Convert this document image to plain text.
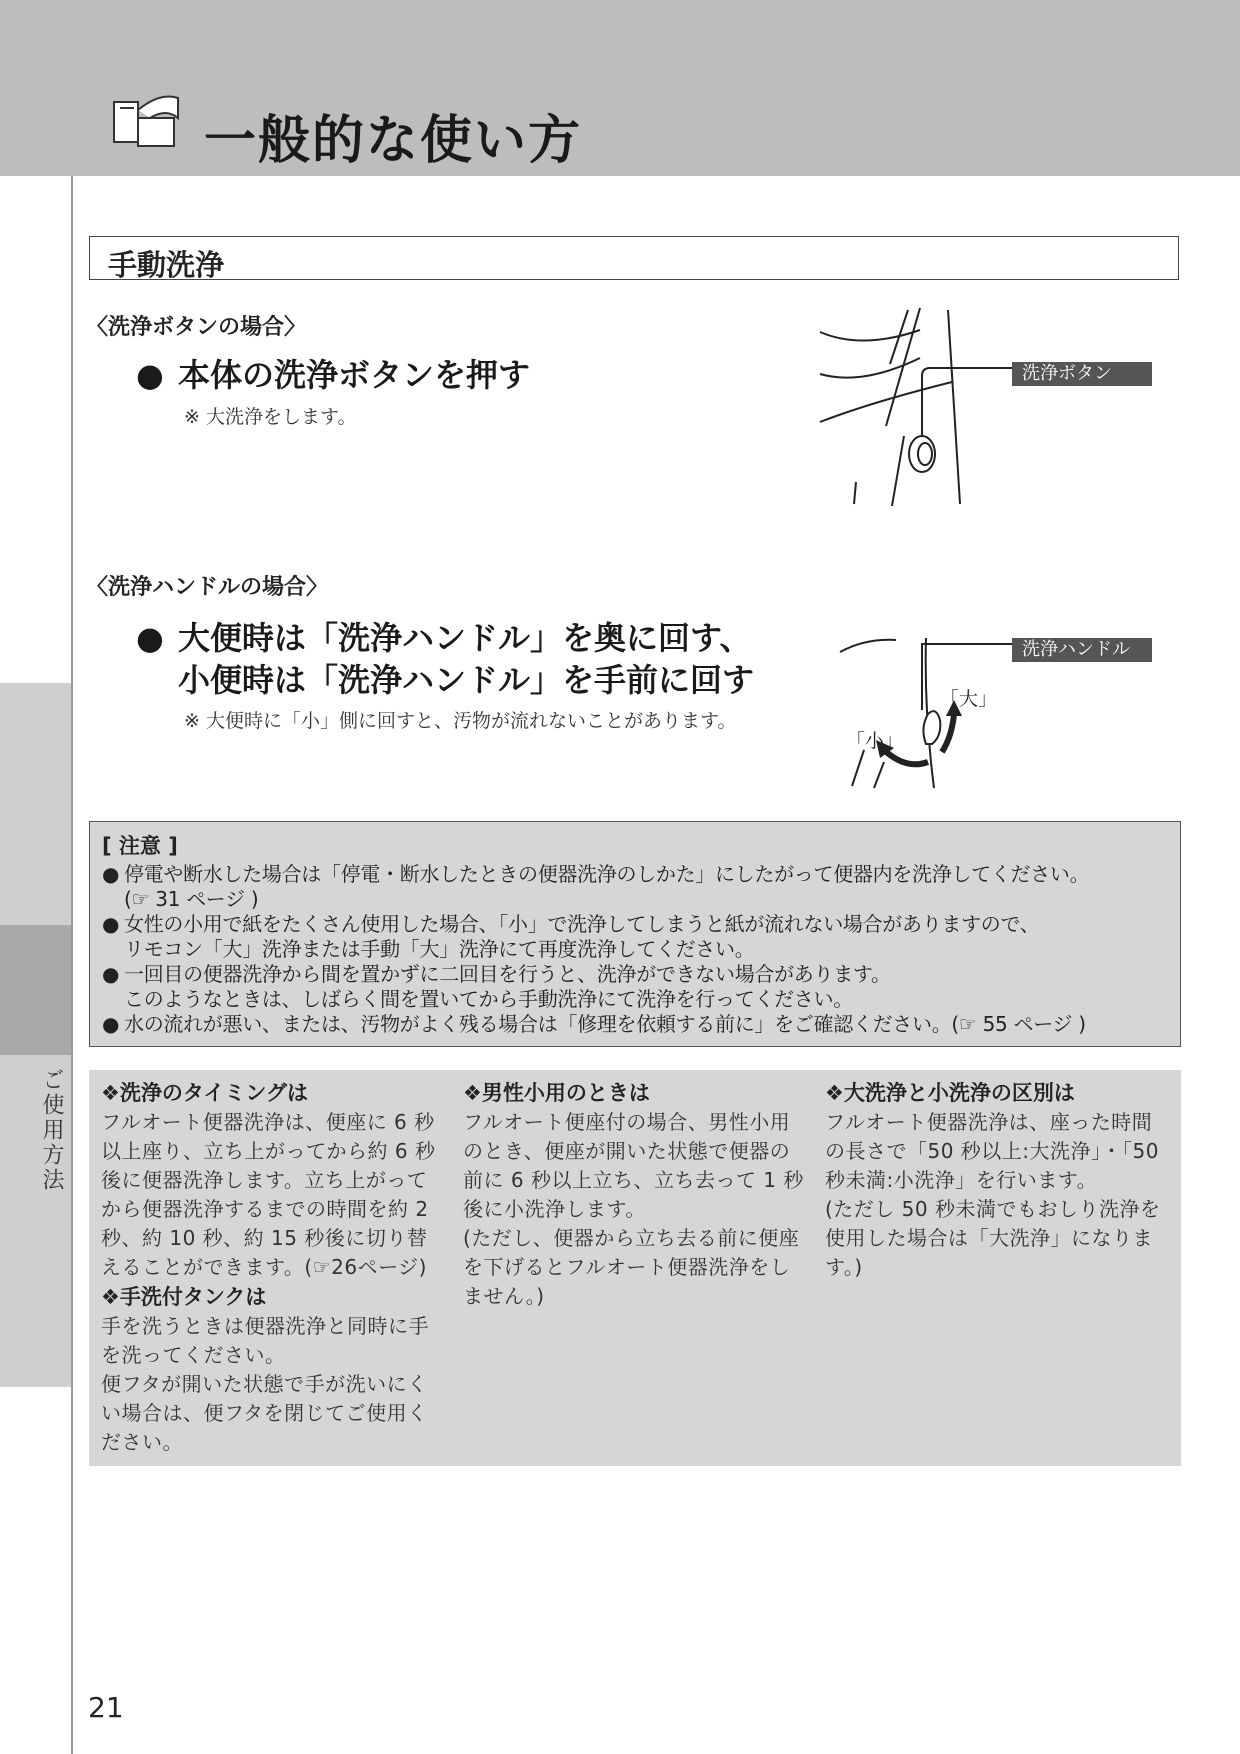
一般的な使い方

ご使用方法

手動洗浄

〈洗浄ボタンの場合〉

● 本体の洗浄ボタンを押す

※ 大洗浄をします。

洗浄ボタン

〈洗浄ハンドルの場合〉

● 大便時は「洗浄ハンドル」を奥に回す、
小便時は「洗浄ハンドル」を手前に回す

※ 大便時に「小」側に回すと、汚物が流れないことがあります。

洗浄ハンドル

「大」

「小」

[ 注意 ]

● 停電や断水した場合は「停電・断水したときの便器洗浄のしかた」にしたがって便器内を洗浄してください。
(☞ 31 ページ )

● 女性の小用で紙をたくさん使用した場合、「小」で洗浄してしまうと紙が流れない場合がありますので、
リモコン「大」洗浄または手動「大」洗浄にて再度洗浄してください。

● 一回目の便器洗浄から間を置かずに二回目を行うと、洗浄ができない場合があります。
このようなときは、しばらく間を置いてから手動洗浄にて洗浄を行ってください。

● 水の流れが悪い、または、汚物がよく残る場合は「修理を依頼する前に」をご確認ください。(☞ 55 ページ )

❖洗浄のタイミングは

フルオート便器洗浄は、便座に 6 秒

以上座り、立ち上がってから約 6 秒

後に便器洗浄します。立ち上がって

から便器洗浄するまでの時間を約 2

秒、約 10 秒、約 15 秒後に切り替

えることができます。(☞26ページ)

❖手洗付タンクは

手を洗うときは便器洗浄と同時に手

を洗ってください。

便フタが開いた状態で手が洗いにく

い場合は、便フタを閉じてご使用く

ださい。

❖男性小用のときは

フルオート便座付の場合、男性小用

のとき、便座が開いた状態で便器の

前に 6 秒以上立ち、立ち去って 1 秒

後に小洗浄します。

(ただし、便器から立ち去る前に便座

を下げるとフルオート便器洗浄をし

ません。)

❖大洗浄と小洗浄の区別は

フルオート便器洗浄は、座った時間

の長さで「50 秒以上:大洗浄」・「50

秒未満:小洗浄」を行います。

(ただし 50 秒未満でもおしり洗浄を

使用した場合は「大洗浄」になりま

す。)

21
